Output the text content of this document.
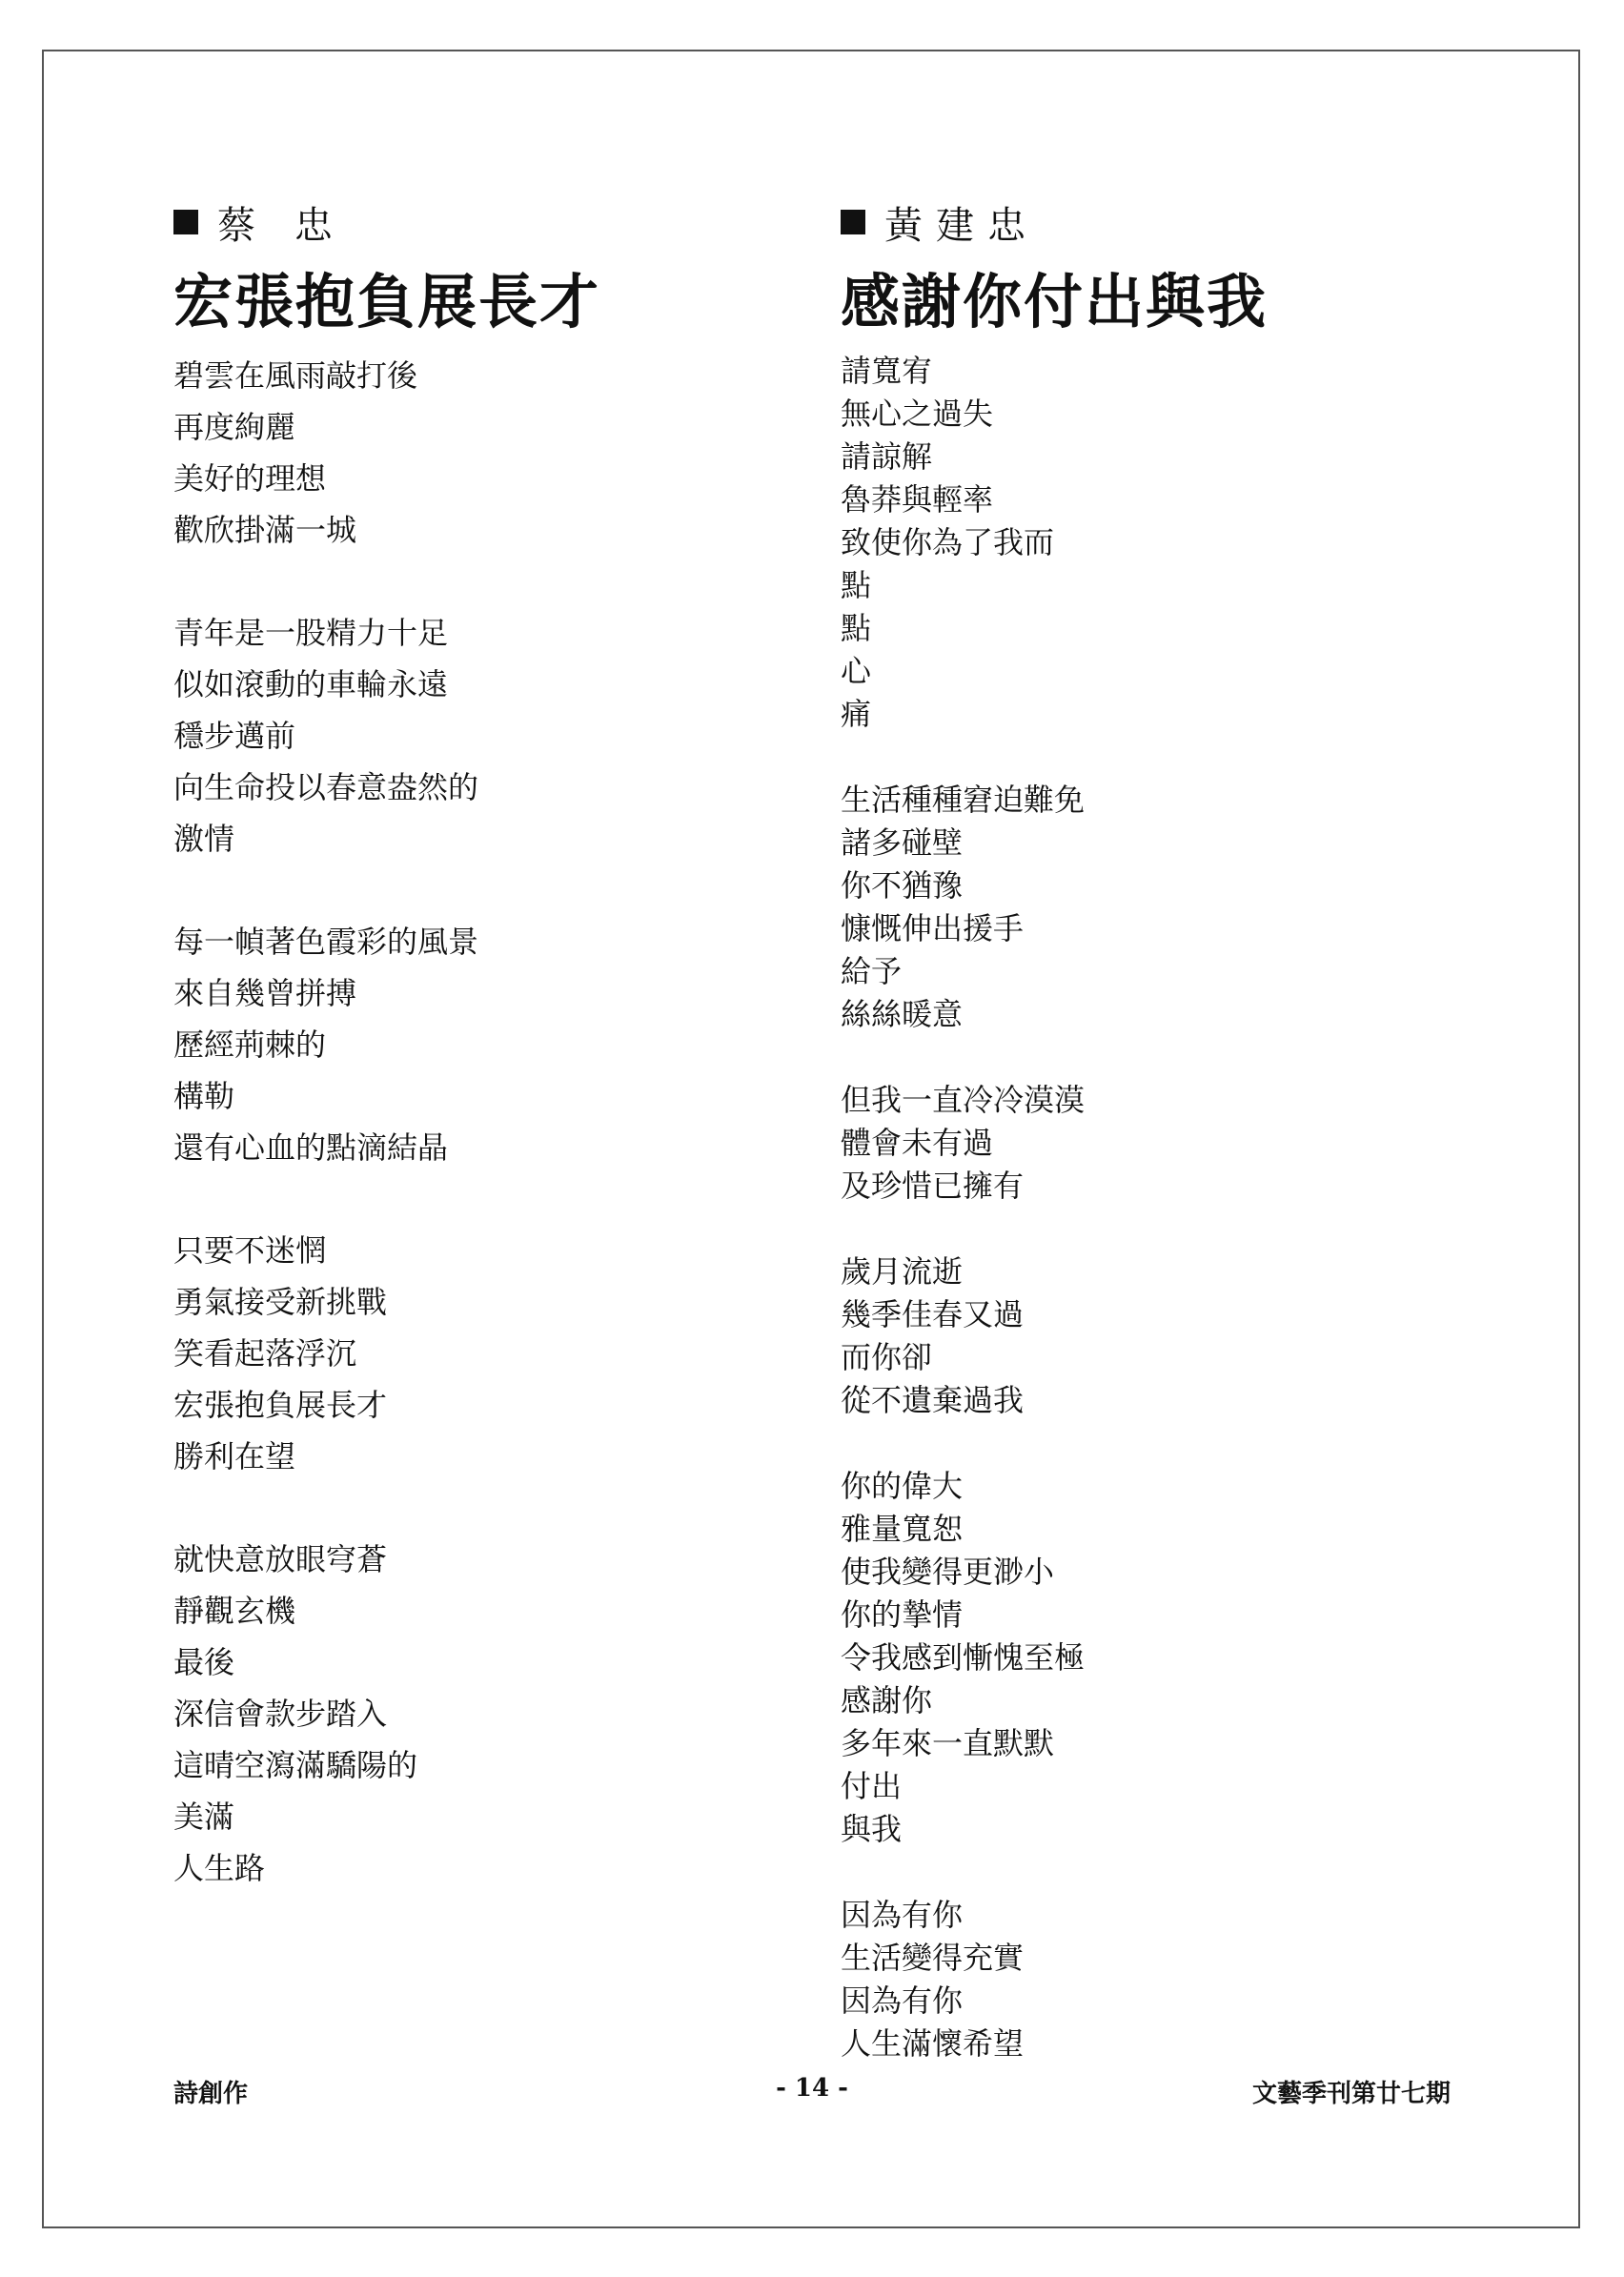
蔡 忠
宏張抱負展長才
碧雲在風雨敲打後
再度絢麗
美好的理想
歡欣掛滿一城
青年是一股精力十足
似如滾動的車輪永遠
穩步邁前
向生命投以春意盎然的
激情
每一幀著色霞彩的風景
來自幾曾拼搏
歷經荊棘的
構勒
還有心血的點滴結晶
只要不迷惘
勇氣接受新挑戰
笑看起落浮沉
宏張抱負展長才
勝利在望
就快意放眼穹蒼
靜觀玄機
最後
深信會款步踏入
這晴空瀉滿驕陽的
美滿
人生路
黃建忠
感謝你付出與我
請寬宥
無心之過失
請諒解
魯莽與輕率
致使你為了我而
點
點
心
痛
生活種種窘迫難免
諸多碰壁
你不猶豫
慷慨伸出援手
給予
絲絲暖意
但我一直冷冷漠漠
體會未有過
及珍惜已擁有
歲月流逝
幾季佳春又過
而你卻
從不遺棄過我
你的偉大
雅量寬恕
使我變得更渺小
你的摯情
令我感到慚愧至極
感謝你
多年來一直默默
付出
與我
因為有你
生活變得充實
因為有你
人生滿懷希望
詩創作	- 14 -	文藝季刊第廿七期
